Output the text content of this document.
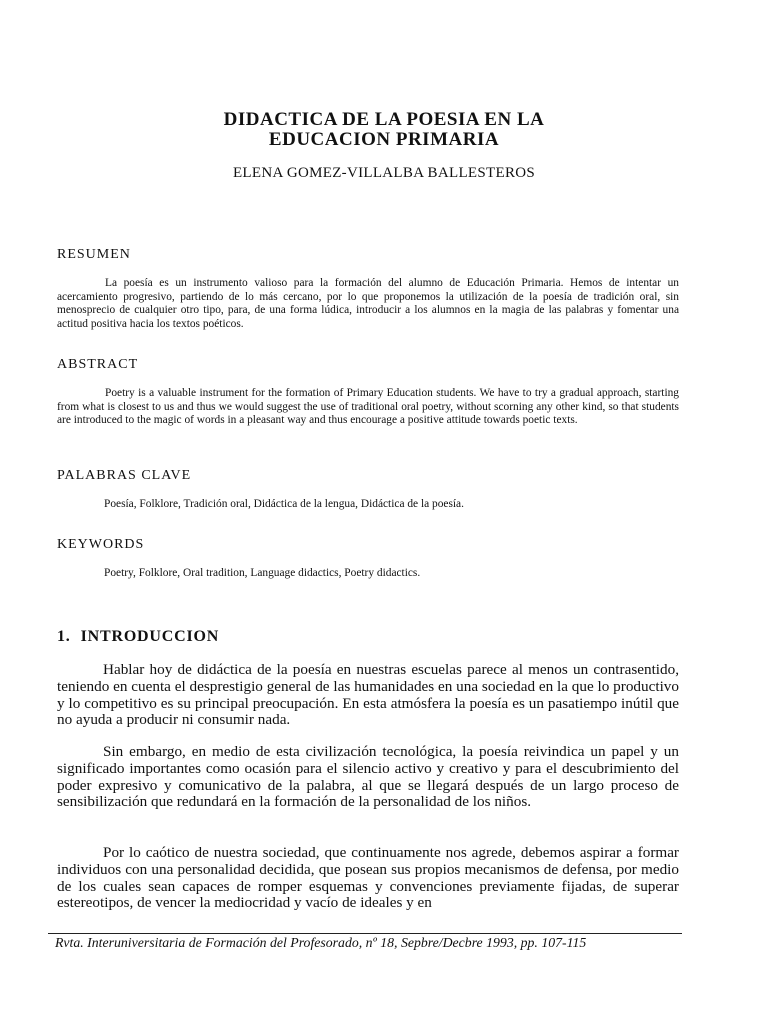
DIDACTICA DE LA POESIA EN LA
EDUCACION PRIMARIA
ELENA GOMEZ-VILLALBA BALLESTEROS
RESUMEN
La poesía es un instrumento valioso para la formación del alumno de Educación Primaria. Hemos de intentar un acercamiento progresivo, partiendo de lo más cercano, por lo que proponemos la utilización de la poesía de tradición oral, sin menosprecio de cualquier otro tipo, para, de una forma lúdica, introducir a los alumnos en la magia de las palabras y fomentar una actitud positiva hacia los textos poéticos.
ABSTRACT
Poetry is a valuable instrument for the formation of Primary Education students. We have to try a gradual approach, starting from what is closest to us and thus we would suggest the use of traditional oral poetry, without scorning any other kind, so that students are introduced to the magic of words in a pleasant way and thus encourage a positive attitude towards poetic texts.
PALABRAS CLAVE
Poesía, Folklore, Tradición oral, Didáctica de la lengua, Didáctica de la poesía.
KEYWORDS
Poetry, Folklore, Oral tradition, Language didactics, Poetry didactics.
1. INTRODUCCION
Hablar hoy de didáctica de la poesía en nuestras escuelas parece al menos un contrasentido, teniendo en cuenta el desprestigio general de las humanidades en una sociedad en la que lo productivo y lo competitivo es su principal preocupación. En esta atmósfera la poesía es un pasatiempo inútil que no ayuda a producir ni consumir nada.
Sin embargo, en medio de esta civilización tecnológica, la poesía reivindica un papel y un significado importantes como ocasión para el silencio activo y creativo y para el descubrimiento del poder expresivo y comunicativo de la palabra, al que se llegará después de un largo proceso de sensibilización que redundará en la formación de la personalidad de los niños.
Por lo caótico de nuestra sociedad, que continuamente nos agrede, debemos aspirar a formar individuos con una personalidad decidida, que posean sus propios mecanismos de defensa, por medio de los cuales sean capaces de romper esquemas y convenciones previamente fijadas, de superar estereotipos, de vencer la mediocridad y vacío de ideales y en
Rvta. Interuniversitaria de Formación del Profesorado, nº 18, Sepbre/Decbre 1993, pp. 107-115
